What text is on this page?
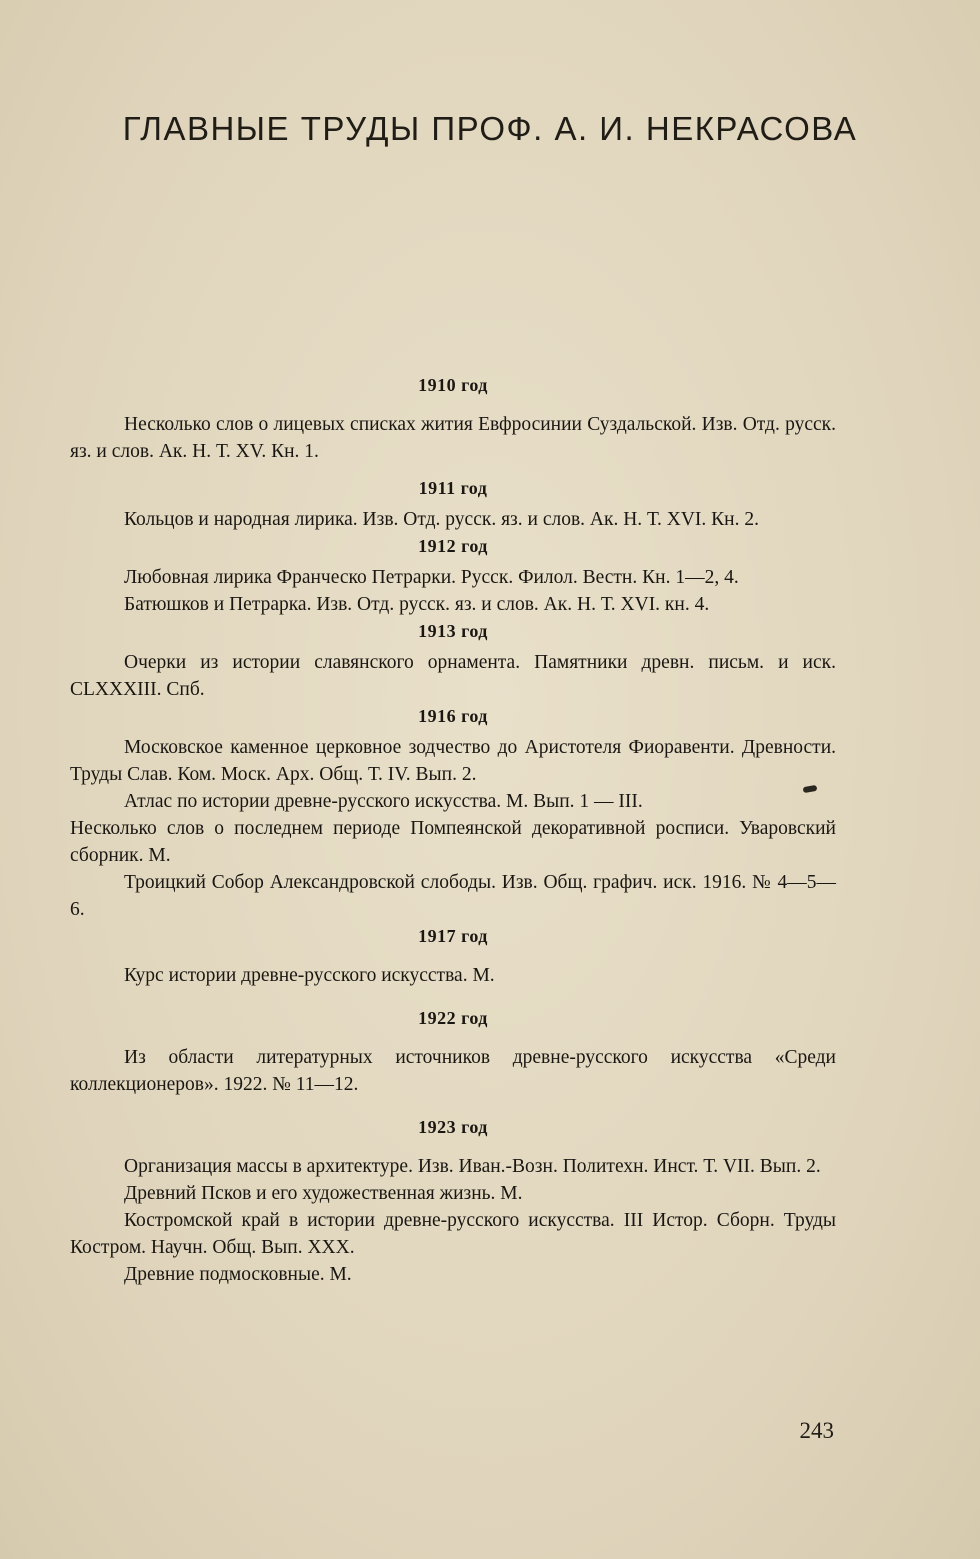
ГЛАВНЫЕ ТРУДЫ ПРОФ. А. И. НЕКРАСОВА
1910 год

Несколько слов о лицевых списках жития Евфросинии Суздальской. Изв. Отд. русск. яз. и слов. Ак. Н. Т. XV. Кн. 1.

1911 год

Кольцов и народная лирика. Изв. Отд. русск. яз. и слов. Ак. Н. Т. XVI. Кн. 2.

1912 год

Любовная лирика Франческо Петрарки. Русск. Филол. Вестн. Кн. 1—2, 4.

Батюшков и Петрарка. Изв. Отд. русск. яз. и слов. Ак. Н. Т. XVI. кн. 4.

1913 год

Очерки из истории славянского орнамента. Памятники древн. письм. и иск. CLXXXIII. Спб.

1916 год

Московское каменное церковное зодчество до Аристотеля Фиоравенти. Древности. Труды Слав. Ком. Моск. Арх. Общ. Т. IV. Вып. 2.

Атлас по истории древне-русского искусства. М. Вып. 1 — III.

Несколько слов о последнем периоде Помпеянской декоративной росписи. Уваровский сборник. М.

Троицкий Собор Александровской слободы. Изв. Общ. графич. иск. 1916. № 4—5—6.

1917 год

Курс истории древне-русского искусства. М.

1922 год

Из области литературных источников древне-русского искусства «Среди коллекционеров». 1922. № 11—12.

1923 год

Организация массы в архитектуре. Изв. Иван.-Возн. Политехн. Инст. Т. VII. Вып. 2.

Древний Псков и его художественная жизнь. М.

Костромской край в истории древне-русского искусства. III Истор. Сборн. Труды Костром. Научн. Общ. Вып. XXX.

Древние подмосковные. М.

243
